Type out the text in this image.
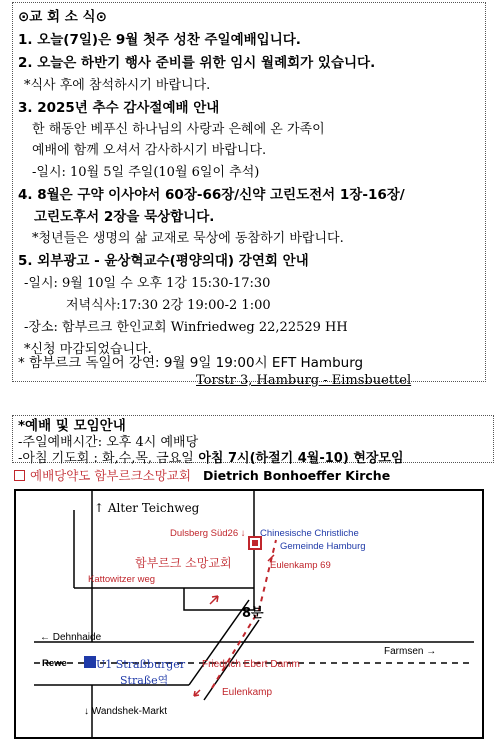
⊙교 회 소 식⊙
1. 오늘(7일)은 9월 첫주 성찬 주일예배입니다.
2. 오늘은 하반기 행사 준비를 위한 임시 월례회가 있습니다.
*식사 후에 참석하시기 바랍니다.
3. 2025년 추수 감사절예배 안내
한 해동안 베푸신 하나님의 사랑과 은혜에 온 가족이
예배에 함께 오셔서 감사하시기 바랍니다.
-일시: 10월 5일 주일(10월 6일이 추석)
4. 8월은 구약 이사야서 60장-66장/신약 고린도전서 1장-16장/
고린도후서 2장을 묵상합니다.
*청년들은 생명의 삶 교재로 묵상에 동참하기 바랍니다.
5. 외부광고 - 윤상혁교수(평양의대) 강연회 안내
-일시: 9월 10일 수 오후 1강 15:30-17:30
저녁식사:17:30 2강 19:00-2 1:00
-장소: 함부르크 한인교회 Winfriedweg 22,22529 HH
*신청 마감되었습니다.
* 함부르크 독일어 강연: 9월 9일 19:00시 EFT Hamburg
Torstr 3, Hamburg - Eimsbuettel
*예배 및 모임안내
-주일예배시간: 오후 4시 예배당
-아침 기도회 : 화,수,목, 금요일 아침 7시(하절기 4월-10) 현장모임
예배당약도 함부르크소망교회 Dietrich Bonhoeffer Kirche
↑ Alter Teichweg
Dulsberg Süd26 ↓ Chinesische Christliche
Gemeinde Hamburg
함부르크 소망교회	Eulenkamp 69
Kattowitzer weg
8분
← Dehnhaide
Farmsen →
Rewe	U1 Straßburger
Straße역
Friedrich Ebert Damm
Eulenkamp
↓ Wandshek-Markt
